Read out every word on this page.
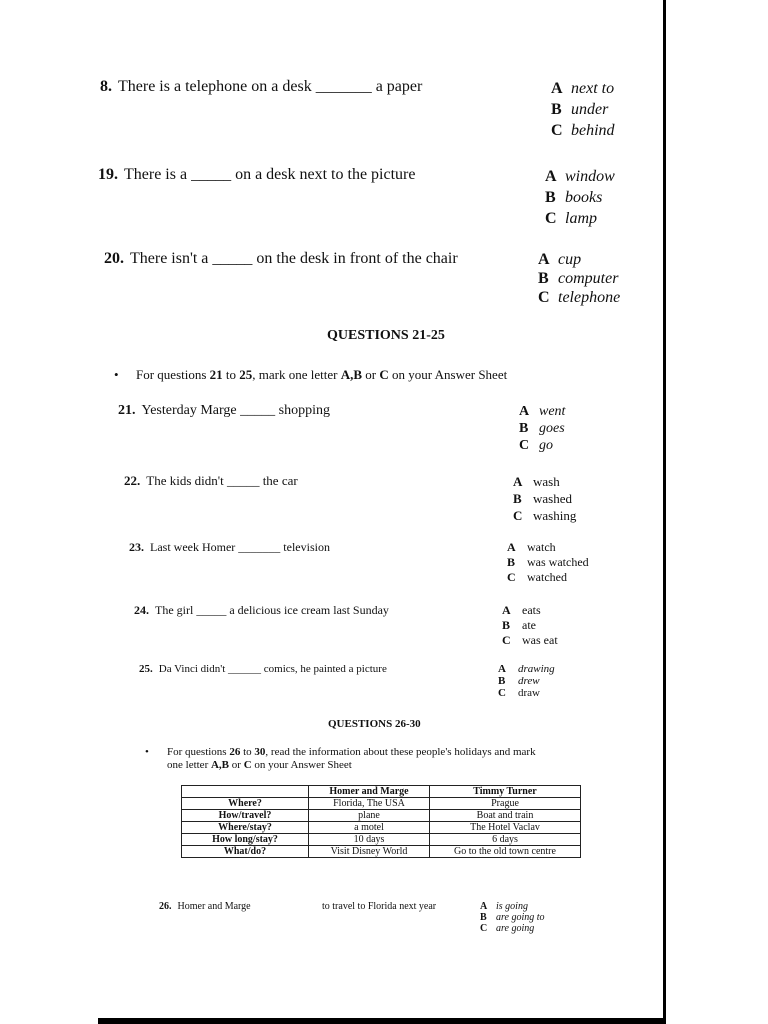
8. There is a telephone on a desk _______ a paper	A next to
B under
C behind
19. There is a _____ on a desk next to the picture	A window
B books
C lamp
20. There isn't a _____ on the desk in front of the chair	A cup
B computer
C telephone
QUESTIONS 21-25
• For questions 21 to 25, mark one letter A,B or C on your Answer Sheet
21. Yesterday Marge _____ shopping	A went
B goes
C go
22. The kids didn't _____ the car	A wash
B washed
C washing
23. Last week Homer _______ television	A watch
B was watched
C watched
24. The girl _____ a delicious ice cream last Sunday	A eats
B ate
C was eat
25. Da Vinci didn't ______ comics, he painted a picture	A drawing
B drew
C draw
QUESTIONS 26-30
• For questions 26 to 30, read the information about these people's holidays and mark
one letter A,B or C on your Answer Sheet
	Homer and Marge	Timmy Turner
Where?	Florida, The USA	Prague
How/travel?	plane	Boat and train
Where/stay?	a motel	The Hotel Vaclav
How long/stay?	10 days	6 days
What/do?	Visit Disney World	Go to the old town centre
26. Homer and Marge	to travel to Florida next year	A is going
B are going to
C are going
